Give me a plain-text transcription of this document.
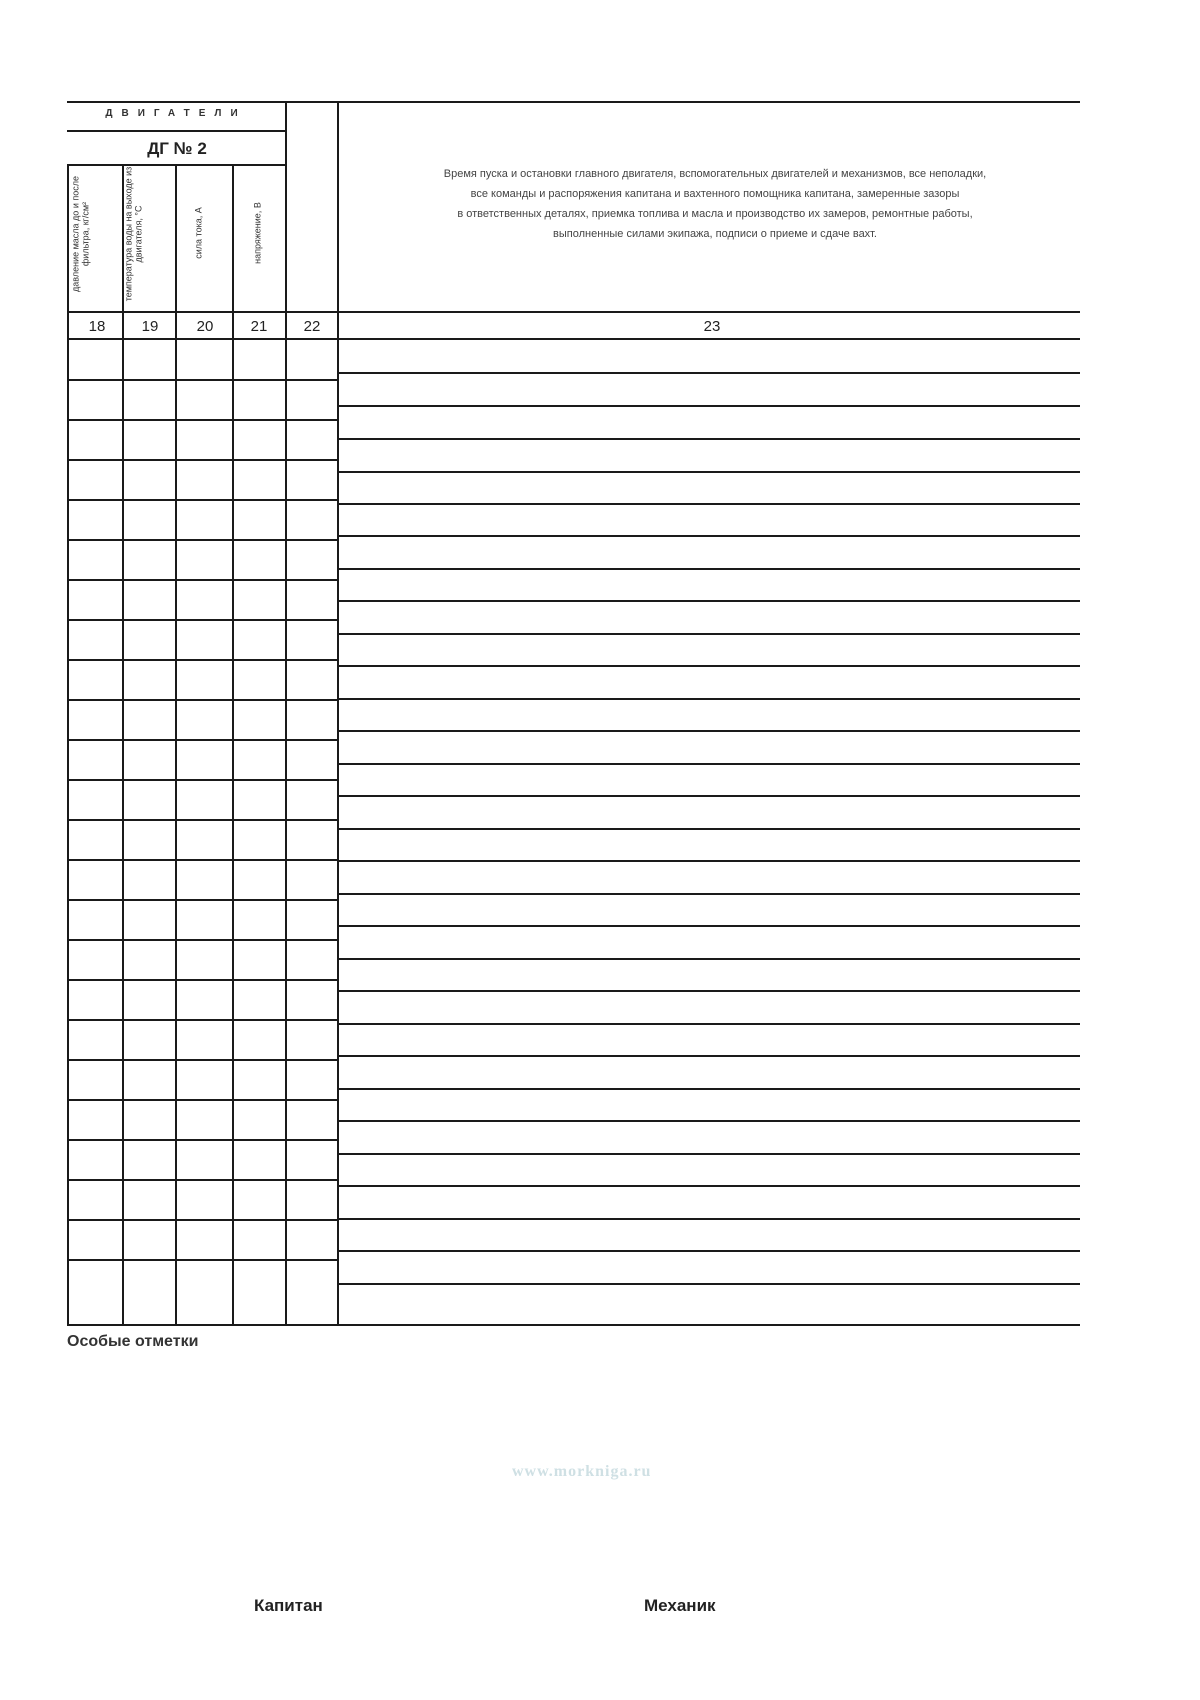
ДВИГАТЕЛИ
ДГ № 2
давление масла до и после фильтра, кг/см²	температура воды на выходе из двигателя, °С	сила тока, А	напряжение, В
Время пуска и остановки главного двигателя, вспомогательных двигателей и механизмов, все неполадки,
все команды и распоряжения капитана и вахтенного помощника капитана, замеренные зазоры
в ответственных деталях, приемка топлива и масла и производство их замеров, ремонтные работы,
выполненные силами экипажа, подписи о приеме и сдаче вахт.
18	19	20	21	22	23
Особые отметки
www.morkniga.ru
Капитан	Механик
